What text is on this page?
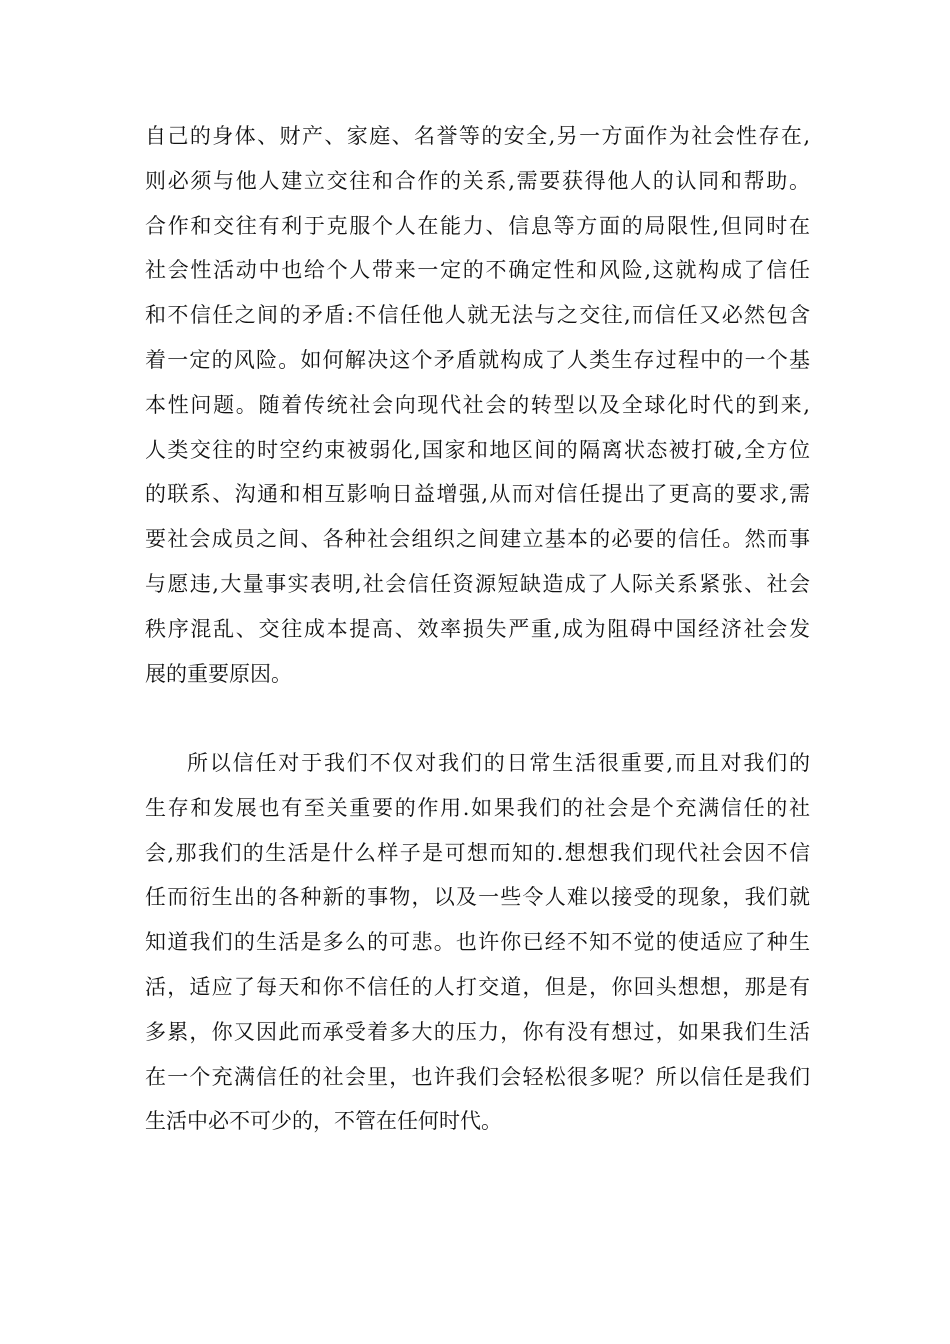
自己的身体、财产、家庭、名誉等的安全,另一方面作为社会性存在,
则必须与他人建立交往和合作的关系,需要获得他人的认同和帮助。
合作和交往有利于克服个人在能力、信息等方面的局限性,但同时在
社会性活动中也给个人带来一定的不确定性和风险,这就构成了信任
和不信任之间的矛盾:不信任他人就无法与之交往,而信任又必然包含
着一定的风险。如何解决这个矛盾就构成了人类生存过程中的一个基
本性问题。随着传统社会向现代社会的转型以及全球化时代的到来,
人类交往的时空约束被弱化,国家和地区间的隔离状态被打破,全方位
的联系、沟通和相互影响日益增强,从而对信任提出了更高的要求,需
要社会成员之间、各种社会组织之间建立基本的必要的信任。然而事
与愿违,大量事实表明,社会信任资源短缺造成了人际关系紧张、社会
秩序混乱、交往成本提高、效率损失严重,成为阻碍中国经济社会发
展的重要原因。
所以信任对于我们不仅对我们的日常生活很重要,而且对我们的
生存和发展也有至关重要的作用.如果我们的社会是个充满信任的社
会,那我们的生活是什么样子是可想而知的.想想我们现代社会因不信
任而衍生出的各种新的事物，以及一些令人难以接受的现象，我们就
知道我们的生活是多么的可悲。也许你已经不知不觉的使适应了种生
活，适应了每天和你不信任的人打交道，但是，你回头想想，那是有
多累，你又因此而承受着多大的压力，你有没有想过，如果我们生活
在一个充满信任的社会里，也许我们会轻松很多呢？所以信任是我们
生活中必不可少的，不管在任何时代。
